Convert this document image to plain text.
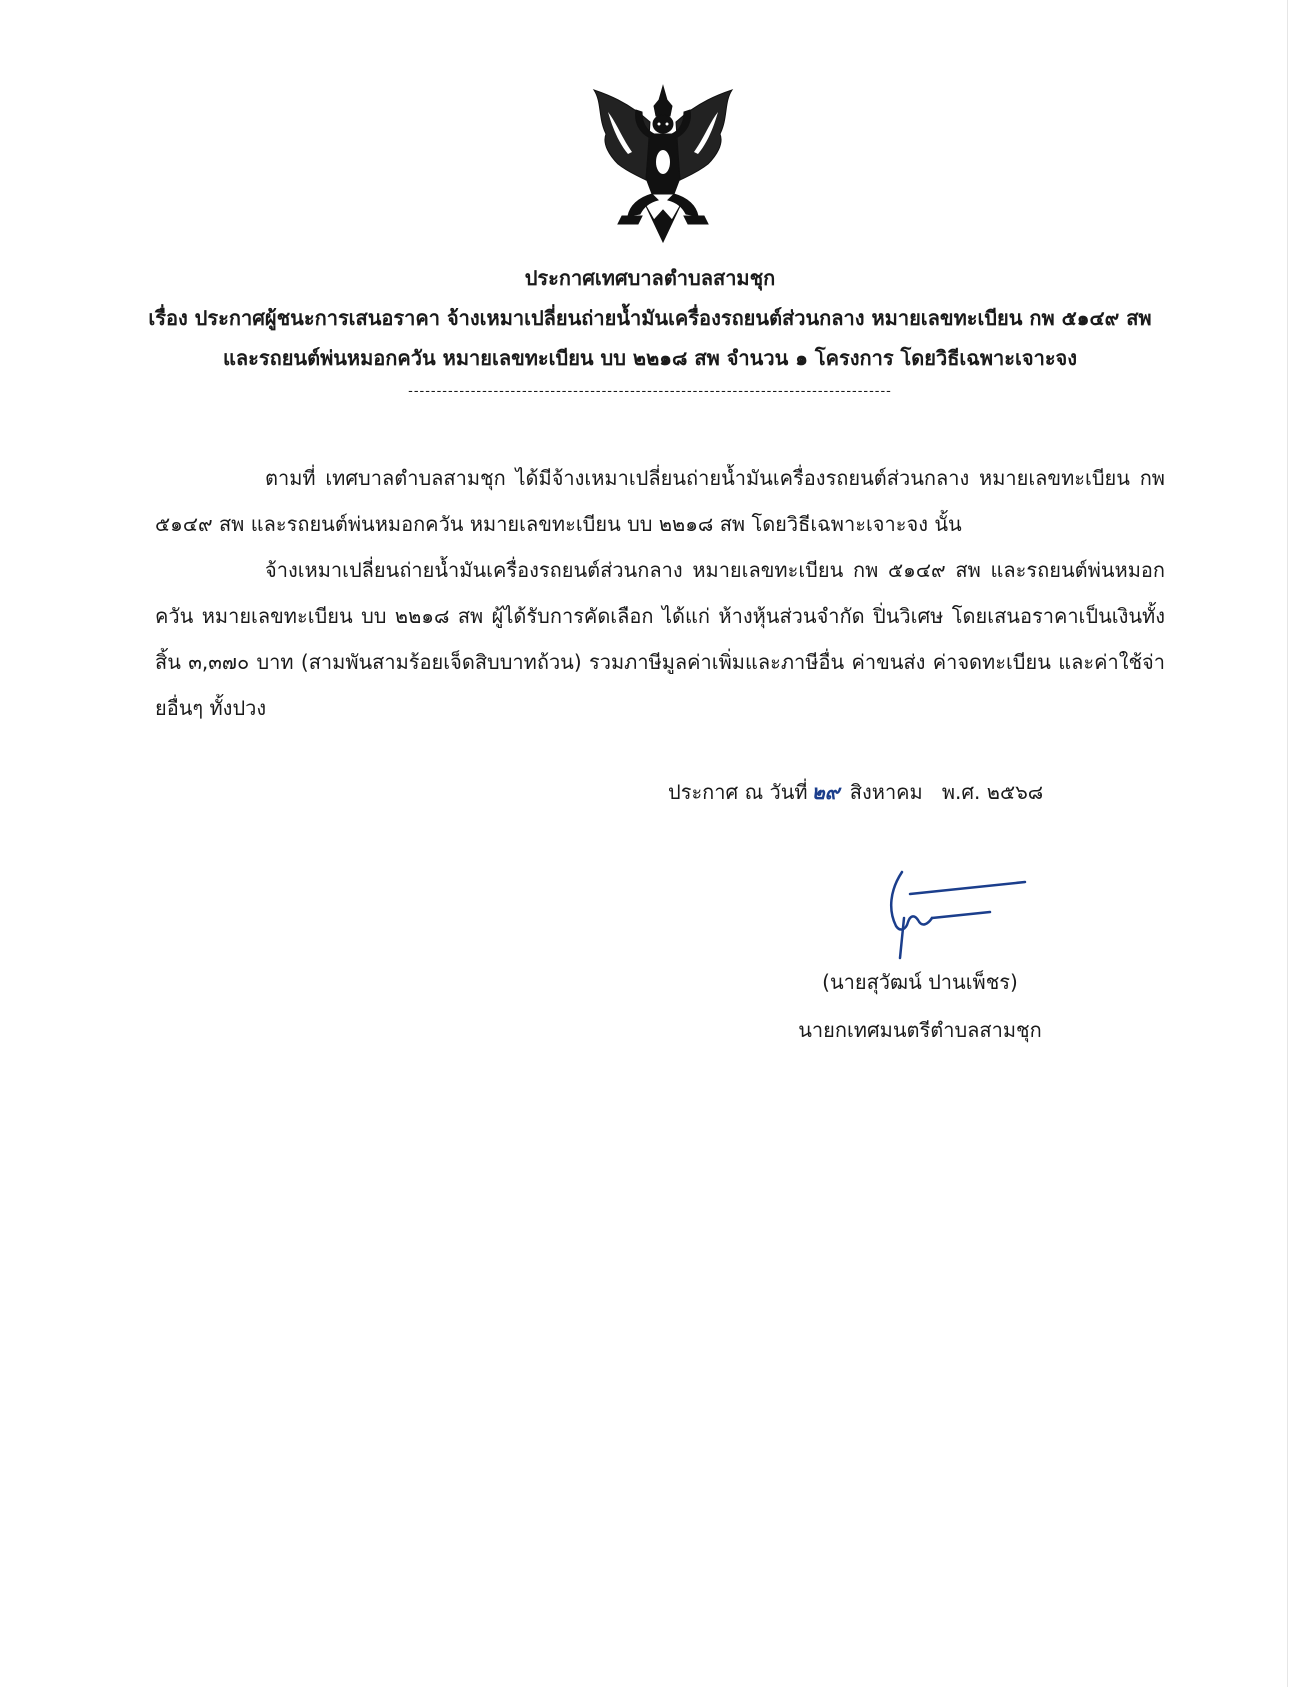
ประกาศเทศบาลตำบลสามชุก
เรื่อง ประกาศผู้ชนะการเสนอราคา จ้างเหมาเปลี่ยนถ่ายน้ำมันเครื่องรถยนต์ส่วนกลาง หมายเลขทะเบียน กพ ๕๑๔๙ สพ และรถยนต์พ่นหมอกควัน หมายเลขทะเบียน บบ ๒๒๑๘ สพ จำนวน ๑ โครงการ โดยวิธีเฉพาะเจาะจง
-------------------------------------------------------------------------------------

ตามที่ เทศบาลตำบลสามชุก ได้มีจ้างเหมาเปลี่ยนถ่ายน้ำมันเครื่องรถยนต์ส่วนกลาง หมายเลขทะเบียน กพ ๕๑๔๙ สพ และรถยนต์พ่นหมอกควัน หมายเลขทะเบียน บบ ๒๒๑๘ สพ โดยวิธีเฉพาะเจาะจง นั้น

จ้างเหมาเปลี่ยนถ่ายน้ำมันเครื่องรถยนต์ส่วนกลาง หมายเลขทะเบียน กพ ๕๑๔๙ สพ และรถยนต์พ่นหมอกควัน หมายเลขทะเบียน บบ ๒๒๑๘ สพ ผู้ได้รับการคัดเลือก ได้แก่ ห้างหุ้นส่วนจำกัด ปิ่นวิเศษ โดยเสนอราคาเป็นเงินทั้งสิ้น ๓,๓๗๐ บาท (สามพันสามร้อยเจ็ดสิบบาทถ้วน) รวมภาษีมูลค่าเพิ่มและภาษีอื่น ค่าขนส่ง ค่าจดทะเบียน และค่าใช้จ่ายอื่นๆ ทั้งปวง

ประกาศ ณ วันที่ ๒๙ สิงหาคม พ.ศ. ๒๕๖๘
(นายสุวัฒน์ ปานเพ็ชร)
นายกเทศมนตรีตำบลสามชุก
